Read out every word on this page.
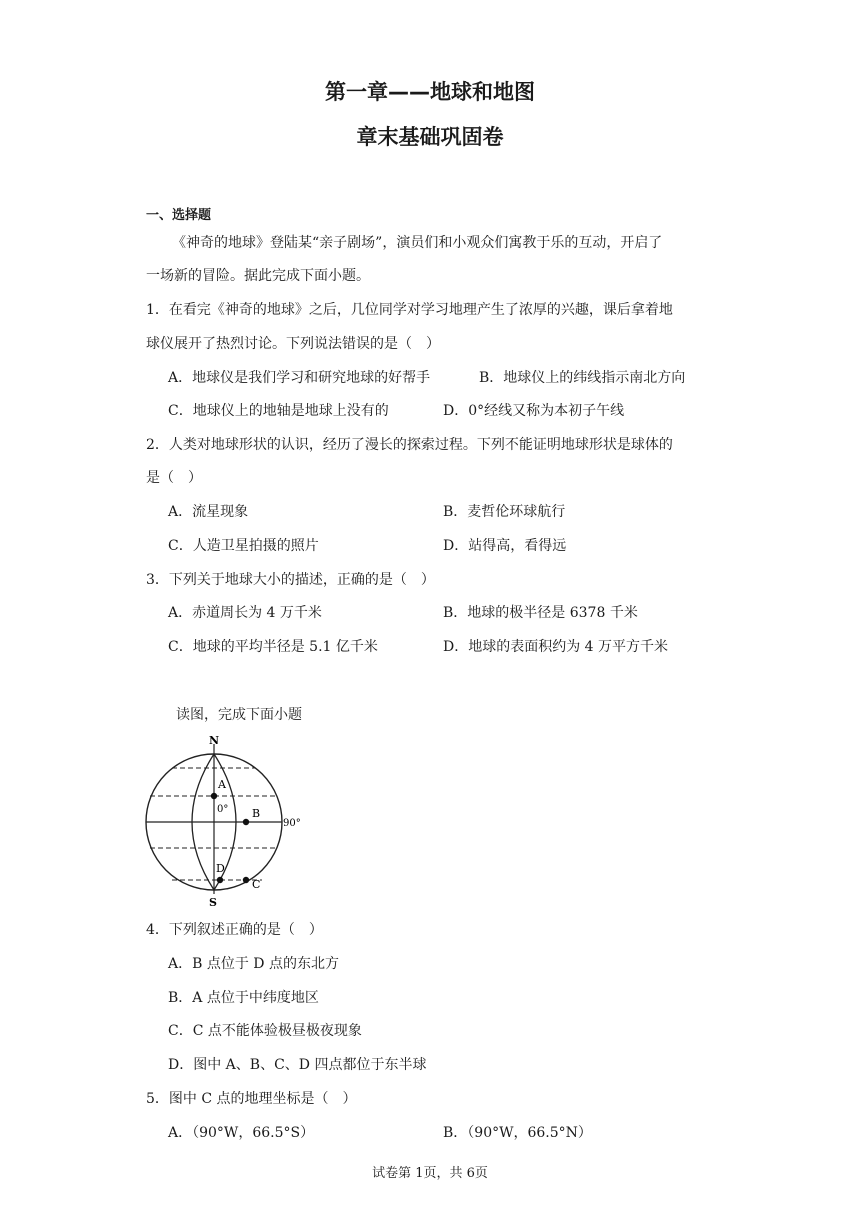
第一章——地球和地图
章末基础巩固卷
一、选择题
《神奇的地球》登陆某“亲子剧场”，演员们和小观众们寓教于乐的互动，开启了
一场新的冒险。据此完成下面小题。
1．在看完《神奇的地球》之后，几位同学对学习地理产生了浓厚的兴趣，课后拿着地
球仪展开了热烈讨论。下列说法错误的是（　）
A．地球仪是我们学习和研究地球的好帮手	B．地球仪上的纬线指示南北方向
C．地球仪上的地轴是地球上没有的	D．0°经线又称为本初子午线
2．人类对地球形状的认识，经历了漫长的探索过程。下列不能证明地球形状是球体的
是（　）
A．流星现象	B．麦哲伦环球航行
C．人造卫星拍摄的照片	D．站得高，看得远
3．下列关于地球大小的描述，正确的是（　）
A．赤道周长为 4 万千米	B．地球的极半径是 6378 千米
C．地球的平均半径是 5.1 亿千米	D．地球的表面积约为 4 万平方千米
读图，完成下面小题
N
S
A
B
C
D
0°
90°
4．下列叙述正确的是（　）
A．B 点位于 D 点的东北方
B．A 点位于中纬度地区
C．C 点不能体验极昼极夜现象
D．图中 A、B、C、D 四点都位于东半球
5．图中 C 点的地理坐标是（　）
A．（90°W，66.5°S）	B．（90°W，66.5°N）
试卷第 1页，共 6页
